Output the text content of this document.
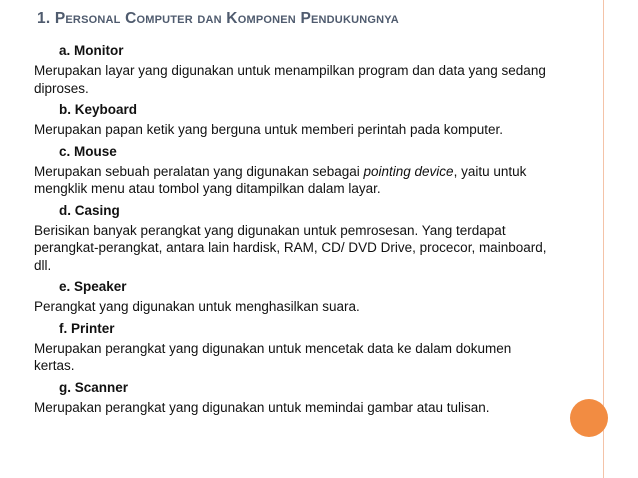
1. Personal Computer dan Komponen Pendukungnya

a. Monitor

Merupakan layar yang digunakan untuk menampilkan program dan data yang sedang diproses.

b. Keyboard

Merupakan papan ketik yang berguna untuk memberi perintah pada komputer.

c. Mouse

Merupakan sebuah peralatan yang digunakan sebagai pointing device, yaitu untuk mengklik menu atau tombol yang ditampilkan dalam layar.

d. Casing

Berisikan banyak perangkat yang digunakan untuk pemrosesan. Yang terdapat perangkat-perangkat, antara lain hardisk, RAM, CD/ DVD Drive, procecor, mainboard, dll.

e. Speaker

Perangkat yang digunakan untuk menghasilkan suara.

f. Printer

Merupakan perangkat yang digunakan untuk mencetak data ke dalam dokumen kertas.

g. Scanner

Merupakan perangkat yang digunakan untuk memindai gambar atau tulisan.
